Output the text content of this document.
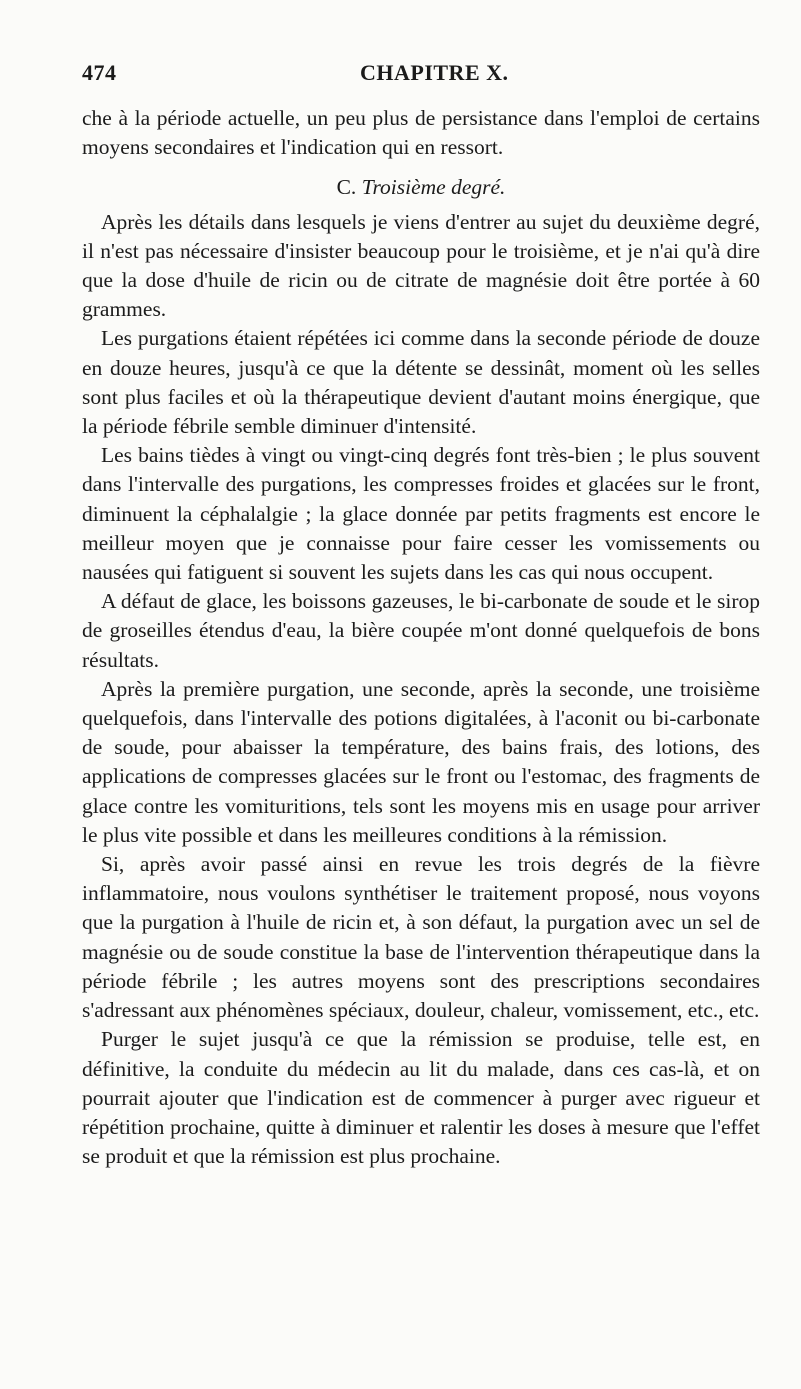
474	CHAPITRE X.

che à la période actuelle, un peu plus de persistance dans l'emploi de certains moyens secondaires et l'indication qui en ressort.

C. Troisième degré.

Après les détails dans lesquels je viens d'entrer au sujet du deuxième degré, il n'est pas nécessaire d'insister beaucoup pour le troisième, et je n'ai qu'à dire que la dose d'huile de ricin ou de citrate de magnésie doit être portée à 60 grammes.

Les purgations étaient répétées ici comme dans la seconde période de douze en douze heures, jusqu'à ce que la détente se dessinât, moment où les selles sont plus faciles et où la thérapeutique devient d'autant moins énergique, que la période fébrile semble diminuer d'intensité.

Les bains tièdes à vingt ou vingt-cinq degrés font très-bien ; le plus souvent dans l'intervalle des purgations, les compresses froides et glacées sur le front, diminuent la céphalalgie ; la glace donnée par petits fragments est encore le meilleur moyen que je connaisse pour faire cesser les vomissements ou nausées qui fatiguent si souvent les sujets dans les cas qui nous occupent.

A défaut de glace, les boissons gazeuses, le bi-carbonate de soude et le sirop de groseilles étendus d'eau, la bière coupée m'ont donné quelquefois de bons résultats.

Après la première purgation, une seconde, après la seconde, une troisième quelquefois, dans l'intervalle des potions digitalées, à l'aconit ou bi-carbonate de soude, pour abaisser la température, des bains frais, des lotions, des applications de compresses glacées sur le front ou l'estomac, des fragments de glace contre les vomituritions, tels sont les moyens mis en usage pour arriver le plus vite possible et dans les meilleures conditions à la rémission.

Si, après avoir passé ainsi en revue les trois degrés de la fièvre inflammatoire, nous voulons synthétiser le traitement proposé, nous voyons que la purgation à l'huile de ricin et, à son défaut, la purgation avec un sel de magnésie ou de soude constitue la base de l'intervention thérapeutique dans la période fébrile ; les autres moyens sont des prescriptions secondaires s'adressant aux phénomènes spéciaux, douleur, chaleur, vomissement, etc., etc.

Purger le sujet jusqu'à ce que la rémission se produise, telle est, en définitive, la conduite du médecin au lit du malade, dans ces cas-là, et on pourrait ajouter que l'indication est de commencer à purger avec rigueur et répétition prochaine, quitte à diminuer et ralentir les doses à mesure que l'effet se produit et que la rémission est plus prochaine.
